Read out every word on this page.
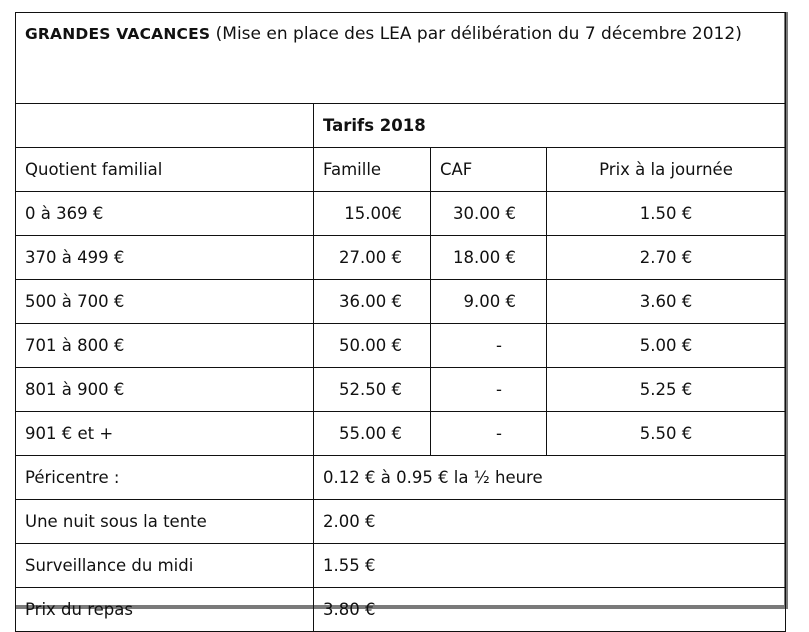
GRANDES VACANCES (Mise en place des LEA par délibération du 7 décembre 2012)			
	Tarifs 2018		
Quotient familial	Famille	CAF	Prix à la journée
0 à 369 €	15.00€	30.00 €	1.50 €
370 à 499 €	27.00 €	18.00 €	2.70 €
500 à 700 €	36.00 €	9.00 €	3.60 €
701 à 800 €	50.00 €	-	5.00 €
801 à 900 €	52.50 €	-	5.25 €
901 € et +	55.00 €	-	5.50 €
Péricentre :	0.12 € à 0.95 € la ½ heure		
Une nuit sous la tente	2.00 €		
Surveillance du midi	1.55 €		
Prix du repas	3.80 €		
